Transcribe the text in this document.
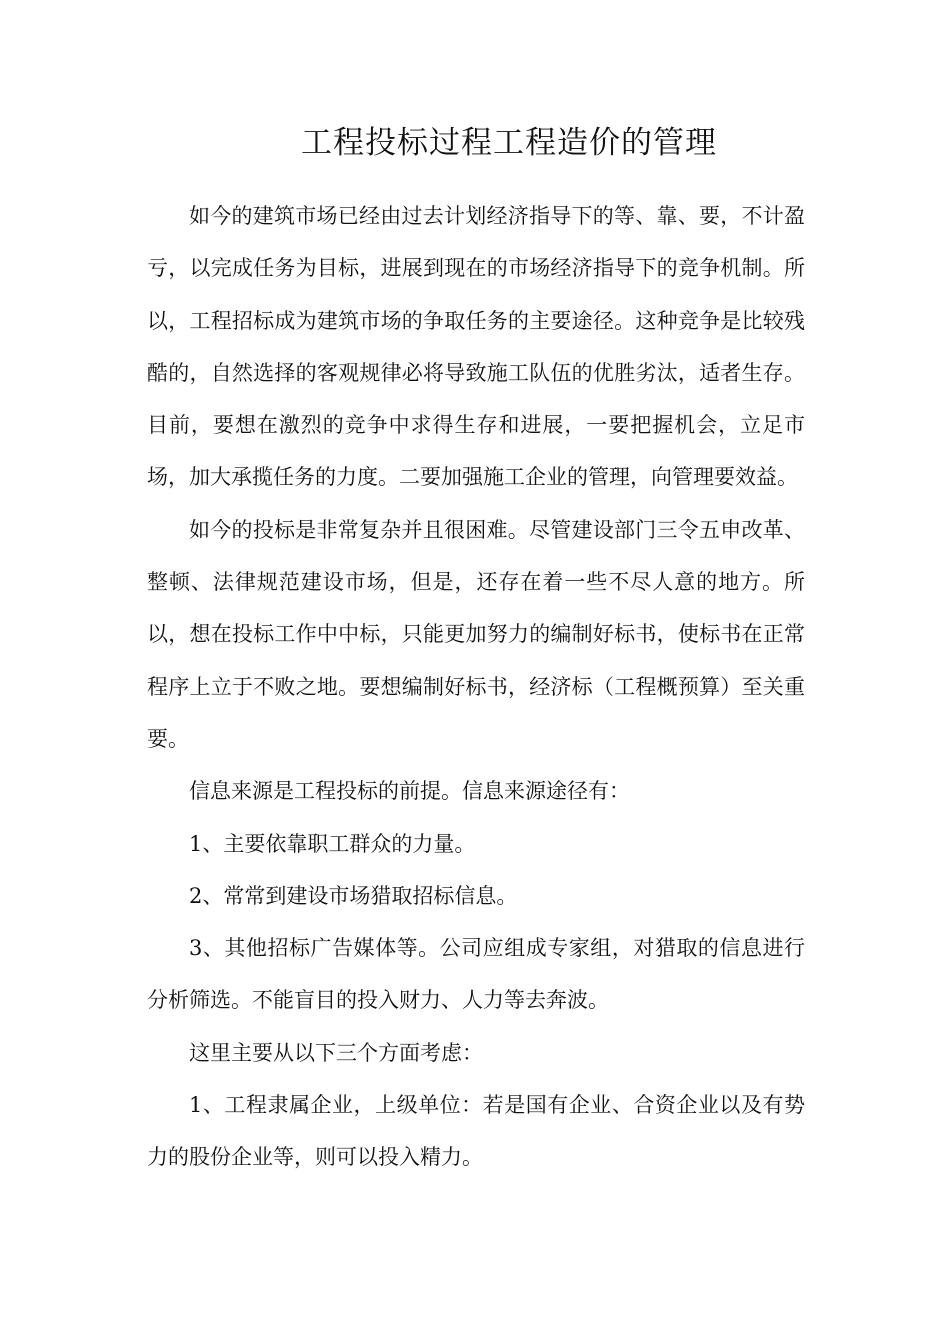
工程投标过程工程造价的管理

如今的建筑市场已经由过去计划经济指导下的等、靠、要，不计盈亏，以完成任务为目标，进展到现在的市场经济指导下的竞争机制。所以，工程招标成为建筑市场的争取任务的主要途径。这种竞争是比较残酷的，自然选择的客观规律必将导致施工队伍的优胜劣汰，适者生存。目前，要想在激烈的竞争中求得生存和进展，一要把握机会，立足市场，加大承揽任务的力度。二要加强施工企业的管理，向管理要效益。

如今的投标是非常复杂并且很困难。尽管建设部门三令五申改革、整顿、法律规范建设市场，但是，还存在着一些不尽人意的地方。所以，想在投标工作中中标，只能更加努力的编制好标书，使标书在正常程序上立于不败之地。要想编制好标书，经济标（工程概预算）至关重要。

信息来源是工程投标的前提。信息来源途径有：

1、主要依靠职工群众的力量。

2、常常到建设市场猎取招标信息。

3、其他招标广告媒体等。公司应组成专家组，对猎取的信息进行分析筛选。不能盲目的投入财力、人力等去奔波。

这里主要从以下三个方面考虑：

1、工程隶属企业，上级单位：若是国有企业、合资企业以及有势力的股份企业等，则可以投入精力。
